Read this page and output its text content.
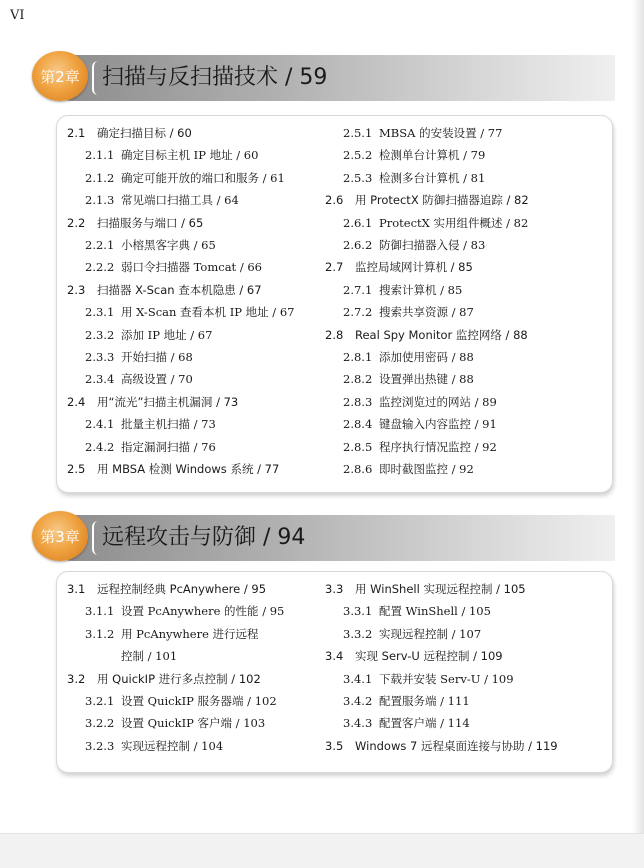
VI
第2章	扫描与反扫描技术 / 59
2.1 确定扫描目标 / 60
2.1.1 确定目标主机 IP 地址 / 60
2.1.2 确定可能开放的端口和服务 / 61
2.1.3 常见端口扫描工具 / 64
2.2 扫描服务与端口 / 65
2.2.1 小榕黑客字典 / 65
2.2.2 弱口令扫描器 Tomcat / 66
2.3 扫描器 X-Scan 查本机隐患 / 67
2.3.1 用 X-Scan 查看本机 IP 地址 / 67
2.3.2 添加 IP 地址 / 67
2.3.3 开始扫描 / 68
2.3.4 高级设置 / 70
2.4 用“流光”扫描主机漏洞 / 73
2.4.1 批量主机扫描 / 73
2.4.2 指定漏洞扫描 / 76
2.5 用 MBSA 检测 Windows 系统 / 77
2.5.1 MBSA 的安装设置 / 77
2.5.2 检测单台计算机 / 79
2.5.3 检测多台计算机 / 81
2.6 用 ProtectX 防御扫描器追踪 / 82
2.6.1 ProtectX 实用组件概述 / 82
2.6.2 防御扫描器入侵 / 83
2.7 监控局域网计算机 / 85
2.7.1 搜索计算机 / 85
2.7.2 搜索共享资源 / 87
2.8 Real Spy Monitor 监控网络 / 88
2.8.1 添加使用密码 / 88
2.8.2 设置弹出热键 / 88
2.8.3 监控浏览过的网站 / 89
2.8.4 键盘输入内容监控 / 91
2.8.5 程序执行情况监控 / 92
2.8.6 即时截图监控 / 92
第3章	远程攻击与防御 / 94
3.1 远程控制经典 PcAnywhere / 95
3.1.1 设置 PcAnywhere 的性能 / 95
3.1.2 用 PcAnywhere 进行远程
控制 / 101
3.2 用 QuickIP 进行多点控制 / 102
3.2.1 设置 QuickIP 服务器端 / 102
3.2.2 设置 QuickIP 客户端 / 103
3.2.3 实现远程控制 / 104
3.3 用 WinShell 实现远程控制 / 105
3.3.1 配置 WinShell / 105
3.3.2 实现远程控制 / 107
3.4 实现 Serv-U 远程控制 / 109
3.4.1 下载并安装 Serv-U / 109
3.4.2 配置服务端 / 111
3.4.3 配置客户端 / 114
3.5 Windows 7 远程桌面连接与协助 / 119
